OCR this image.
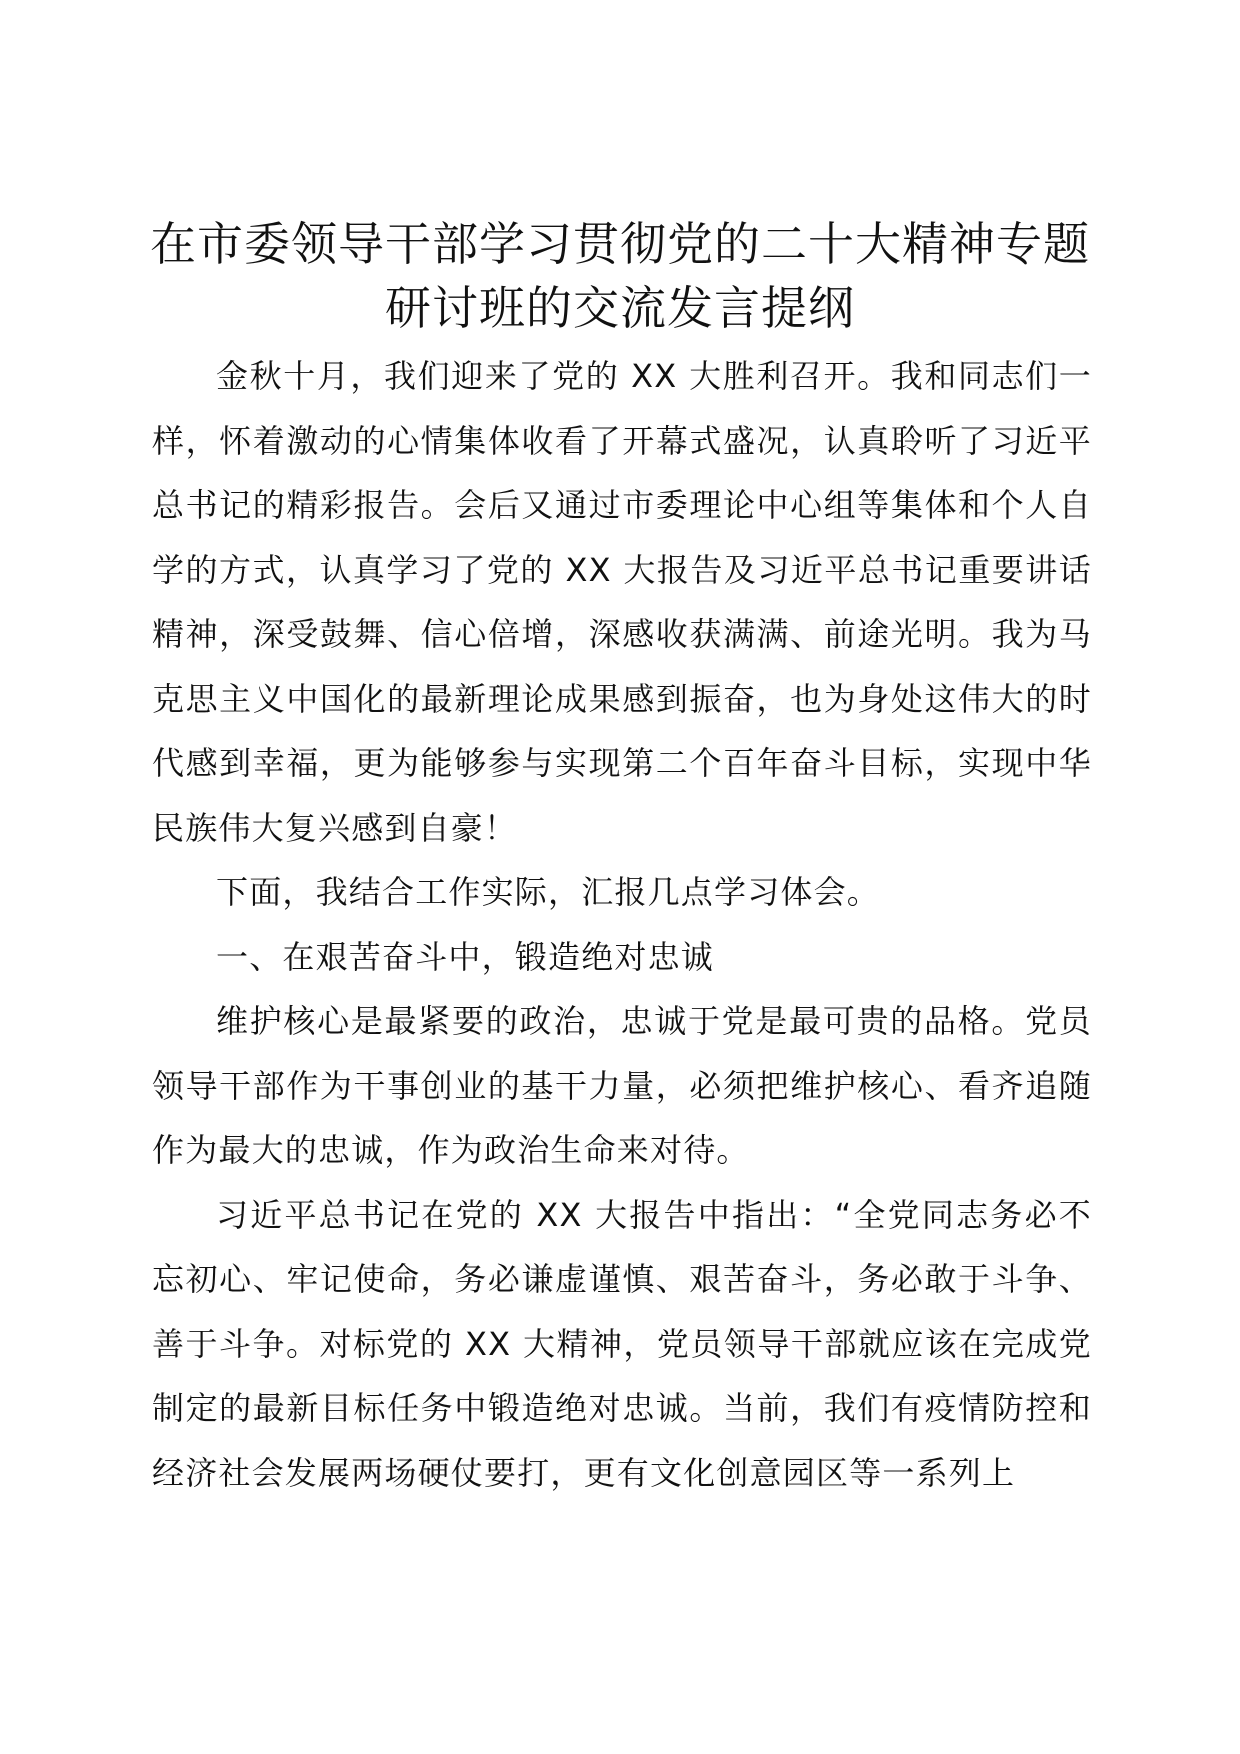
在市委领导干部学习贯彻党的二十大精神专题
研讨班的交流发言提纲

金秋十月，我们迎来了党的 XX 大胜利召开。我和同志们一样，怀着激动的心情集体收看了开幕式盛况，认真聆听了习近平总书记的精彩报告。会后又通过市委理论中心组等集体和个人自学的方式，认真学习了党的 XX 大报告及习近平总书记重要讲话精神，深受鼓舞、信心倍增，深感收获满满、前途光明。我为马克思主义中国化的最新理论成果感到振奋，也为身处这伟大的时代感到幸福，更为能够参与实现第二个百年奋斗目标，实现中华民族伟大复兴感到自豪！

下面，我结合工作实际，汇报几点学习体会。

一、在艰苦奋斗中，锻造绝对忠诚

维护核心是最紧要的政治，忠诚于党是最可贵的品格。党员领导干部作为干事创业的基干力量，必须把维护核心、看齐追随作为最大的忠诚，作为政治生命来对待。

习近平总书记在党的 XX 大报告中指出：“全党同志务必不忘初心、牢记使命，务必谦虚谨慎、艰苦奋斗，务必敢于斗争、善于斗争。对标党的 XX 大精神，党员领导干部就应该在完成党制定的最新目标任务中锻造绝对忠诚。当前，我们有疫情防控和经济社会发展两场硬仗要打，更有文化创意园区等一系列上
